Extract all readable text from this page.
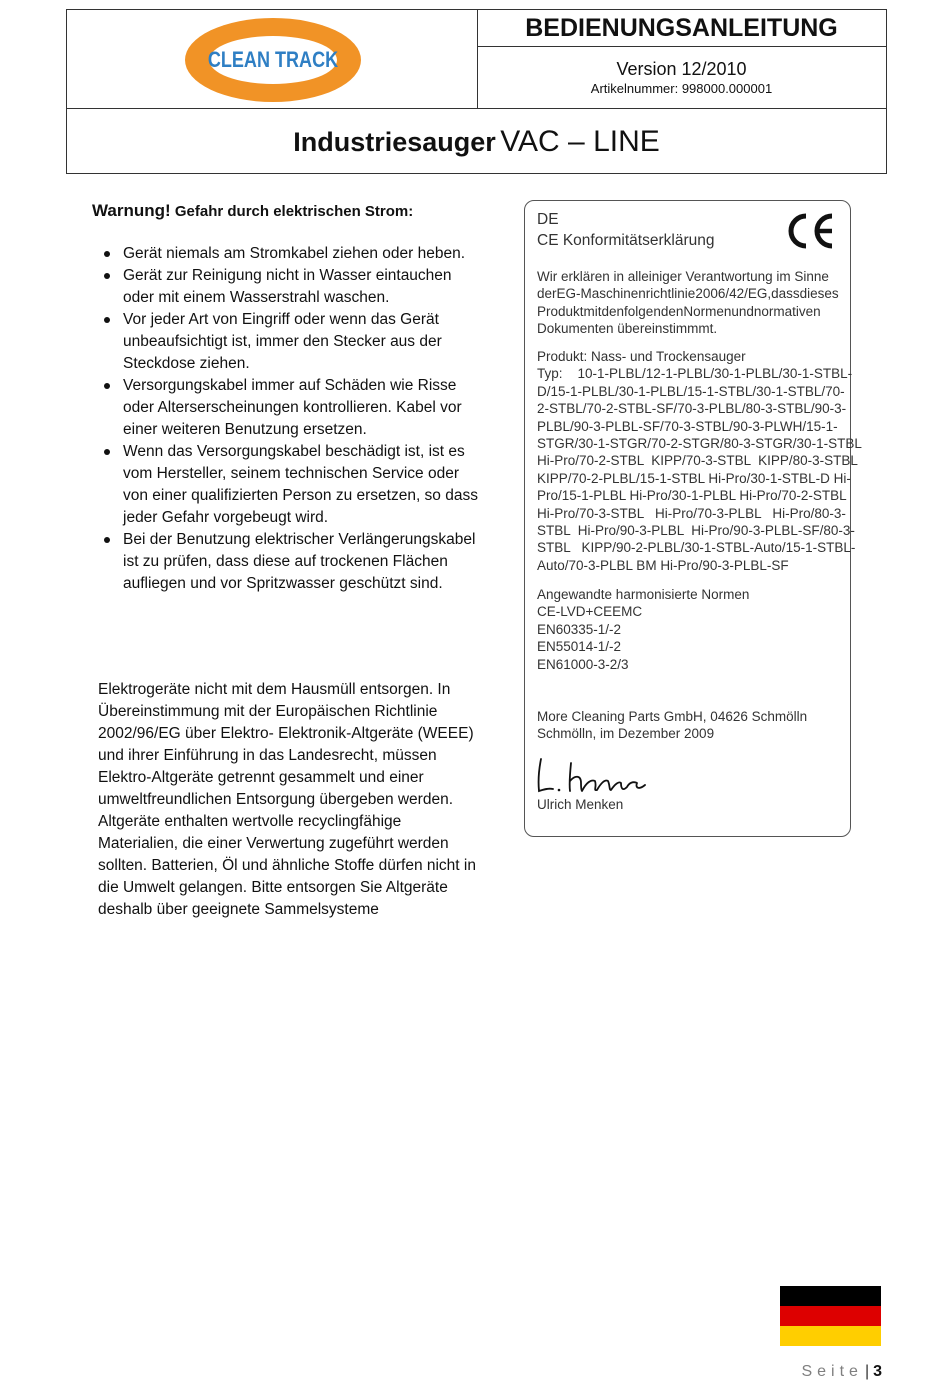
CLEAN TRACK
BEDIENUNGSANLEITUNG
Version 12/2010
Artikelnummer: 998000.000001
Industriesauger VAC – LINE
Warnung! Gefahr durch elektrischen Strom:
Gerät niemals am Stromkabel ziehen oder heben.
Gerät zur Reinigung nicht in Wasser eintauchen oder mit einem Wasserstrahl waschen.
Vor jeder Art von Eingriff oder wenn das Gerät unbeaufsichtigt ist, immer den Stecker aus der Steckdose ziehen.
Versorgungskabel immer auf Schäden wie Risse oder Alterserscheinungen kontrollieren. Kabel vor einer weiteren Benutzung ersetzen.
Wenn das Versorgungskabel beschädigt ist, ist es vom Hersteller, seinem technischen Service oder von einer qualifizierten Person zu ersetzen, so dass jeder Gefahr vorgebeugt wird.
Bei der Benutzung elektrischer Verlängerungskabel ist zu prüfen, dass diese auf trockenen Flächen aufliegen und vor Spritzwasser geschützt sind.

Elektrogeräte nicht mit dem Hausmüll entsorgen. In Übereinstimmung mit der Europäischen Richtlinie 2002/96/EG über Elektro- Elektronik-Altgeräte (WEEE) und ihrer Einführung in das Landesrecht, müssen Elektro-Altgeräte getrennt gesammelt und einer umweltfreundlichen Entsorgung übergeben werden. Altgeräte enthalten wertvolle recyclingfähige Materialien, die einer Verwertung zugeführt werden sollten. Batterien, Öl und ähnliche Stoffe dürfen nicht in die Umwelt gelangen. Bitte entsorgen Sie Altgeräte deshalb über geeignete Sammelsysteme

DE
CE Konformitätserklärung
Wir erklären in alleiniger Verantwortung im Sinne
derEG-Maschinenrichtlinie2006/42/EG,dassdieses
ProduktmitdenfolgendenNormenundnormativen
Dokumenten übereinstimmmt.
Produkt: Nass- und Trockensauger
Typ:    10-1-PLBL/12-1-PLBL/30-1-PLBL/30-1-STBL-
D/15-1-PLBL/30-1-PLBL/15-1-STBL/30-1-STBL/70-
2-STBL/70-2-STBL-SF/70-3-PLBL/80-3-STBL/90-3-
PLBL/90-3-PLBL-SF/70-3-STBL/90-3-PLWH/15-1-
STGR/30-1-STGR/70-2-STGR/80-3-STGR/30-1-STBL
Hi-Pro/70-2-STBL  KIPP/70-3-STBL  KIPP/80-3-STBL
KIPP/70-2-PLBL/15-1-STBL Hi-Pro/30-1-STBL-D Hi-
Pro/15-1-PLBL Hi-Pro/30-1-PLBL Hi-Pro/70-2-STBL
Hi-Pro/70-3-STBL   Hi-Pro/70-3-PLBL   Hi-Pro/80-3-
STBL  Hi-Pro/90-3-PLBL  Hi-Pro/90-3-PLBL-SF/80-3-
STBL   KIPP/90-2-PLBL/30-1-STBL-Auto/15-1-STBL-
Auto/70-3-PLBL BM Hi-Pro/90-3-PLBL-SF
Angewandte harmonisierte Normen
CE-LVD+CEEMC
EN60335-1/-2
EN55014-1/-2
EN61000-3-2/3
More Cleaning Parts GmbH, 04626 Schmölln
Schmölln, im Dezember 2009
Ulrich Menken
Seite | 3
